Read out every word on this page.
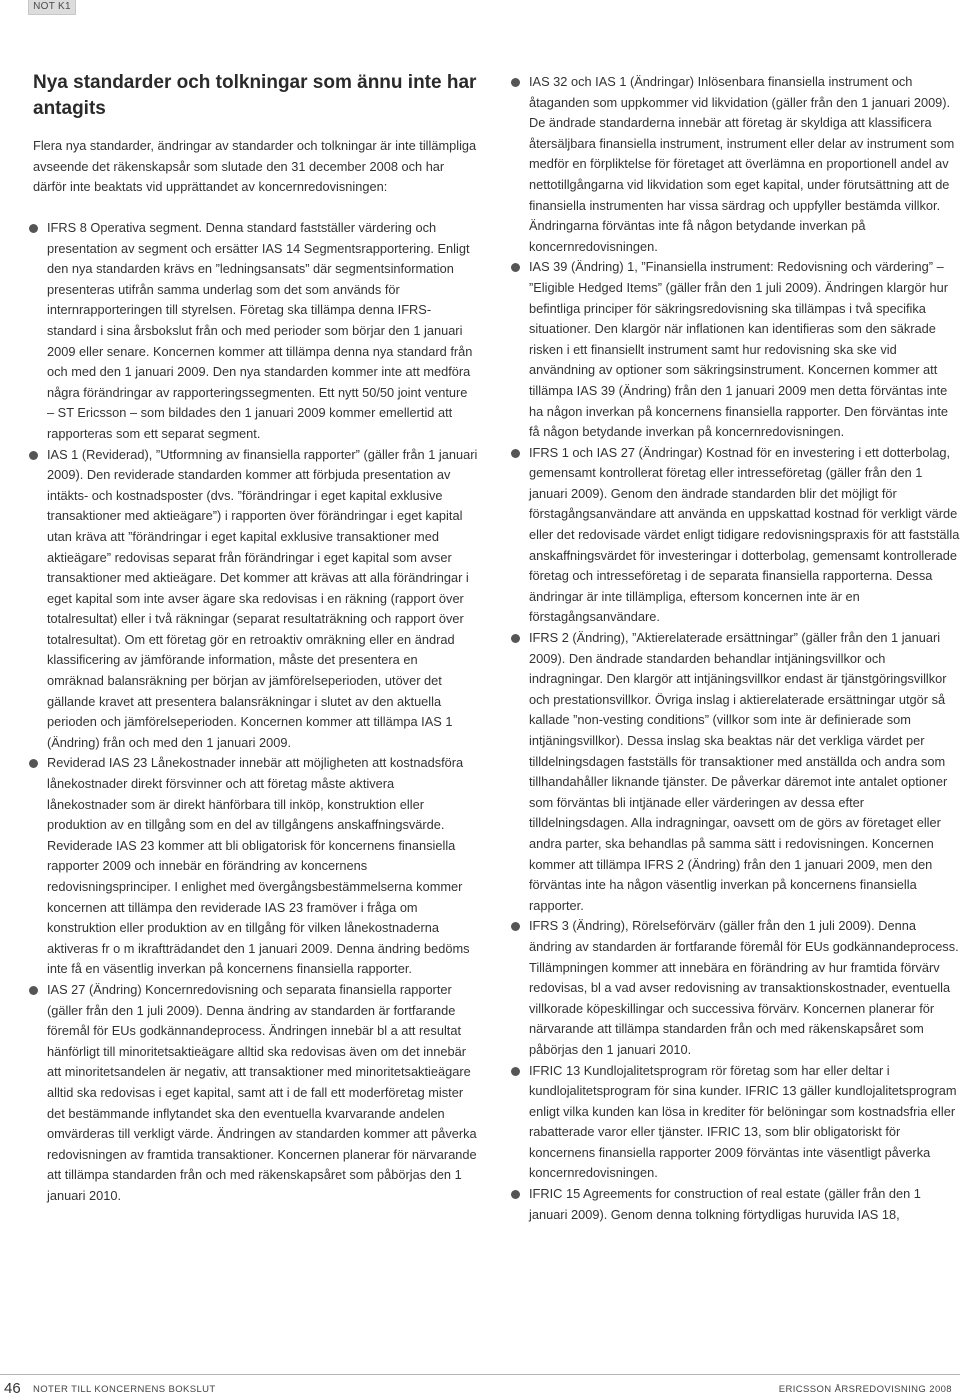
NOT K1
Nya standarder och tolkningar som ännu inte har antagits

Flera nya standarder, ändringar av standarder och tolkningar är inte tillämpliga avseende det räkenskapsår som slutade den 31 december 2008 och har därför inte beaktats vid upprättandet av koncernredovisningen:

IFRS 8 Operativa segment. Denna standard fastställer värdering och presentation av segment och ersätter IAS 14 Segmentsrapportering. Enligt den nya standarden krävs en ”ledningsansats” där segmentsinformation presenteras utifrån samma underlag som det som används för internrapporteringen till styrelsen. Företag ska tillämpa denna IFRS-standard i sina årsbokslut från och med perioder som börjar den 1 januari 2009 eller senare. Koncernen kommer att tillämpa denna nya standard från och med den 1 januari 2009. Den nya standarden kommer inte att medföra några förändringar av rapporteringssegmenten. Ett nytt 50/50 joint venture – ST Ericsson – som bildades den 1 januari 2009 kommer emellertid att rapporteras som ett separat segment.
IAS 1 (Reviderad), ”Utformning av finansiella rapporter” (gäller från 1 januari 2009). Den reviderade standarden kommer att förbjuda presentation av intäkts- och kostnadsposter (dvs. ”förändringar i eget kapital exklusive transaktioner med aktieägare”) i rapporten över förändringar i eget kapital utan kräva att ”förändringar i eget kapital exklusive transaktioner med aktieägare” redovisas separat från förändringar i eget kapital som avser transaktioner med aktieägare. Det kommer att krävas att alla förändringar i eget kapital som inte avser ägare ska redovisas i en räkning (rapport över totalresultat) eller i två räkningar (separat resultaträkning och rapport över totalresultat). Om ett företag gör en retroaktiv omräkning eller en ändrad klassificering av jämförande information, måste det presentera en omräknad balansräkning per början av jämförelseperioden, utöver det gällande kravet att presentera balansräkningar i slutet av den aktuella perioden och jämförelseperioden. Koncernen kommer att tillämpa IAS 1 (Ändring) från och med den 1 januari 2009.
Reviderad IAS 23 Lånekostnader innebär att möjligheten att kostnadsföra lånekostnader direkt försvinner och att företag måste aktivera lånekostnader som är direkt hänförbara till inköp, konstruktion eller produktion av en tillgång som en del av tillgångens anskaffningsvärde. Reviderade IAS 23 kommer att bli obligatorisk för koncernens finansiella rapporter 2009 och innebär en förändring av koncernens redovisningsprinciper. I enlighet med övergångsbestämmelserna kommer koncernen att tillämpa den reviderade IAS 23 framöver i fråga om konstruktion eller produktion av en tillgång för vilken lånekostnaderna aktiveras fr o m ikraftträdandet den 1 januari 2009. Denna ändring bedöms inte få en väsentlig inverkan på koncernens finansiella rapporter.
IAS 27 (Ändring) Koncernredovisning och separata finansiella rapporter (gäller från den 1 juli 2009). Denna ändring av standarden är fortfarande föremål för EUs godkännandeprocess. Ändringen innebär bl a att resultat hänförligt till minoritetsaktieägare alltid ska redovisas även om det innebär att minoritetsandelen är negativ, att transaktioner med minoritetsaktieägare alltid ska redovisas i eget kapital, samt att i de fall ett moderföretag mister det bestämmande inflytandet ska den eventuella kvarvarande andelen omvärderas till verkligt värde. Ändringen av standarden kommer att påverka redovisningen av framtida transaktioner. Koncernen planerar för närvarande att tillämpa standarden från och med räkenskapsåret som påbörjas den 1 januari 2010.
IAS 32 och IAS 1 (Ändringar) Inlösenbara finansiella instrument och åtaganden som uppkommer vid likvidation (gäller från den 1 januari 2009). De ändrade standarderna innebär att företag är skyldiga att klassificera återsäljbara finansiella instrument, instrument eller delar av instrument som medför en förpliktelse för företaget att överlämna en proportionell andel av nettotillgångarna vid likvidation som eget kapital, under förutsättning att de finansiella instrumenten har vissa särdrag och uppfyller bestämda villkor. Ändringarna förväntas inte få någon betydande inverkan på koncernredovisningen.
IAS 39 (Ändring) 1, ”Finansiella instrument: Redovisning och värdering” – ”Eligible Hedged Items” (gäller från den 1 juli 2009). Ändringen klargör hur befintliga principer för säkringsredovisning ska tillämpas i två specifika situationer. Den klargör när inflationen kan identifieras som den säkrade risken i ett finansiellt instrument samt hur redovisning ska ske vid användning av optioner som säkringsinstrument. Koncernen kommer att tillämpa IAS 39 (Ändring) från den 1 januari 2009 men detta förväntas inte ha någon inverkan på koncernens finansiella rapporter. Den förväntas inte få någon betydande inverkan på koncernredovisningen.
IFRS 1 och IAS 27 (Ändringar) Kostnad för en investering i ett dotterbolag, gemensamt kontrollerat företag eller intresseföretag (gäller från den 1 januari 2009). Genom den ändrade standarden blir det möjligt för förstagångsanvändare att använda en uppskattad kostnad för verkligt värde eller det redovisade värdet enligt tidigare redovisningspraxis för att fastställa anskaffningsvärdet för investeringar i dotterbolag, gemensamt kontrollerade företag och intresseföretag i de separata finansiella rapporterna. Dessa ändringar är inte tillämpliga, eftersom koncernen inte är en förstagångsanvändare.
IFRS 2 (Ändring), ”Aktierelaterade ersättningar” (gäller från den 1 januari 2009). Den ändrade standarden behandlar intjäningsvillkor och indragningar. Den klargör att intjäningsvillkor endast är tjänstgöringsvillkor och prestationsvillkor. Övriga inslag i aktierelaterade ersättningar utgör så kallade ”non-vesting conditions” (villkor som inte är definierade som intjäningsvillkor). Dessa inslag ska beaktas när det verkliga värdet per tilldelningsdagen fastställs för transaktioner med anställda och andra som tillhandahåller liknande tjänster. De påverkar däremot inte antalet optioner som förväntas bli intjänade eller värderingen av dessa efter tilldelningsdagen. Alla indragningar, oavsett om de görs av företaget eller andra parter, ska behandlas på samma sätt i redovisningen. Koncernen kommer att tillämpa IFRS 2 (Ändring) från den 1 januari 2009, men den förväntas inte ha någon väsentlig inverkan på koncernens finansiella rapporter.
IFRS 3 (Ändring), Rörelseförvärv (gäller från den 1 juli 2009). Denna ändring av standarden är fortfarande föremål för EUs godkännandeprocess. Tillämpningen kommer att innebära en förändring av hur framtida förvärv redovisas, bl a vad avser redovisning av transaktionskostnader, eventuella villkorade köpeskillingar och successiva förvärv. Koncernen planerar för närvarande att tillämpa standarden från och med räkenskapsåret som påbörjas den 1 januari 2010.
IFRIC 13 Kundlojalitetsprogram rör företag som har eller deltar i kundlojalitetsprogram för sina kunder. IFRIC 13 gäller kundlojalitetsprogram enligt vilka kunden kan lösa in krediter för belöningar som kostnadsfria eller rabatterade varor eller tjänster. IFRIC 13, som blir obligatoriskt för koncernens finansiella rapporter 2009 förväntas inte väsentligt påverka koncernredovisningen.
IFRIC 15 Agreements for construction of real estate (gäller från den 1 januari 2009). Genom denna tolkning förtydligas huruvida IAS 18,
46 NOTER TILL KONCERNENS BOKSLUT	ERICSSON ÅRSREDOVISNING 2008
